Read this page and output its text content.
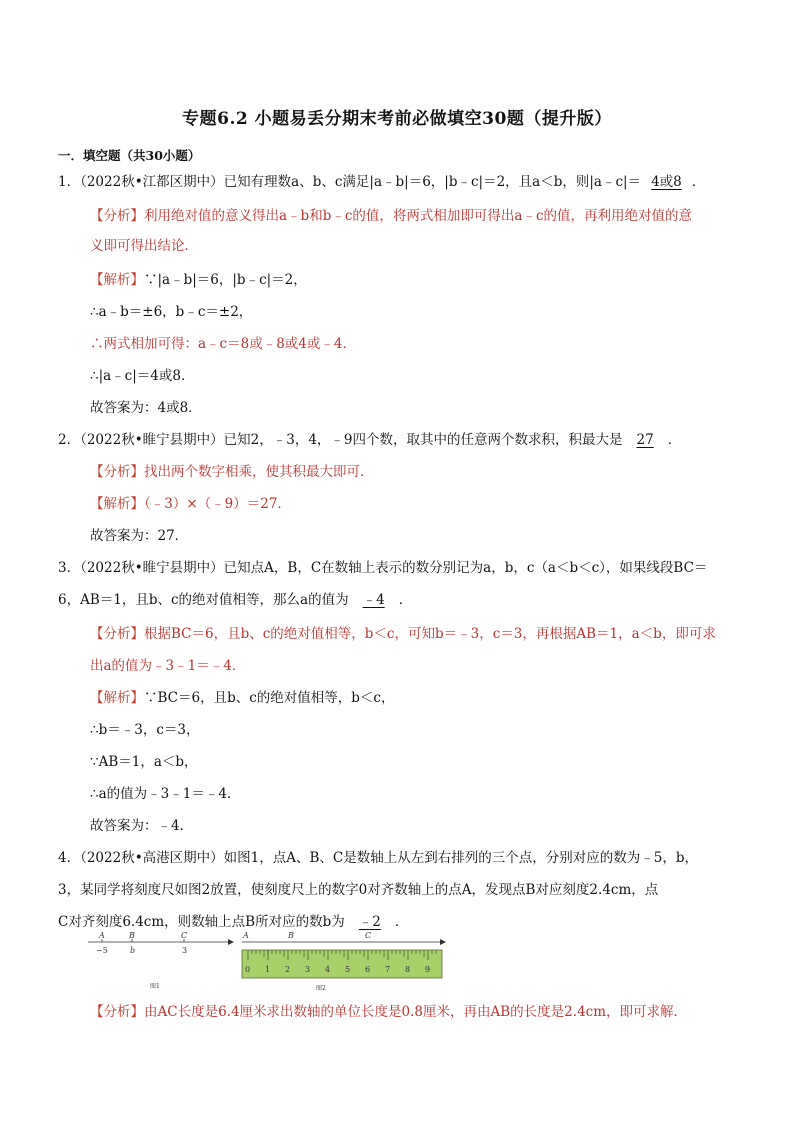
专题6.2 小题易丢分期末考前必做填空30题（提升版）
一．填空题（共30小题）
1．（2022秋•江都区期中）已知有理数a、b、c满足|a﹣b|＝6，|b﹣c|＝2，且a＜b，则|a﹣c|＝ 4或8 ．
【分析】利用绝对值的意义得出a﹣b和b﹣c的值，将两式相加即可得出a﹣c的值，再利用绝对值的意
义即可得出结论．
【解析】∵|a﹣b|＝6，|b﹣c|＝2，
∴a﹣b＝±6，b﹣c＝±2，
∴两式相加可得：a﹣c＝8或﹣8或4或﹣4．
∴|a﹣c|＝4或8．
故答案为：4或8．
2．（2022秋•睢宁县期中）已知2，﹣3，4，﹣9四个数，取其中的任意两个数求积，积最大是 27 ．
【分析】找出两个数字相乘，使其积最大即可．
【解析】（﹣3）×（﹣9）＝27．
故答案为：27．
3．（2022秋•睢宁县期中）已知点A，B，C在数轴上表示的数分别记为a，b，c（a＜b＜c），如果线段BC＝
6，AB＝1，且b、c的绝对值相等，那么a的值为 ﹣4 ．
【分析】根据BC＝6，且b、c的绝对值相等，b＜c，可知b＝﹣3，c＝3，再根据AB＝1，a＜b，即可求
出a的值为﹣3﹣1＝﹣4．
【解析】∵BC＝6，且b、c的绝对值相等，b＜c，
∴b＝﹣3，c＝3，
∵AB＝1，a＜b，
∴a的值为﹣3﹣1＝﹣4．
故答案为：﹣4．
4．（2022秋•高港区期中）如图1，点A、B、C是数轴上从左到右排列的三个点，分别对应的数为﹣5，b，
3，某同学将刻度尺如图2放置，使刻度尺上的数字0对齐数轴上的点A，发现点B对应刻度2.4cm，点
C对齐刻度6.4cm，则数轴上点B所对应的数b为 ﹣2 ．
A	B	C
−5	b	3
图1
A	B	C
0 1 2 3 4 5 6 7 8 9
图2
【分析】由AC长度是6.4厘米求出数轴的单位长度是0.8厘米，再由AB的长度是2.4cm，即可求解．
